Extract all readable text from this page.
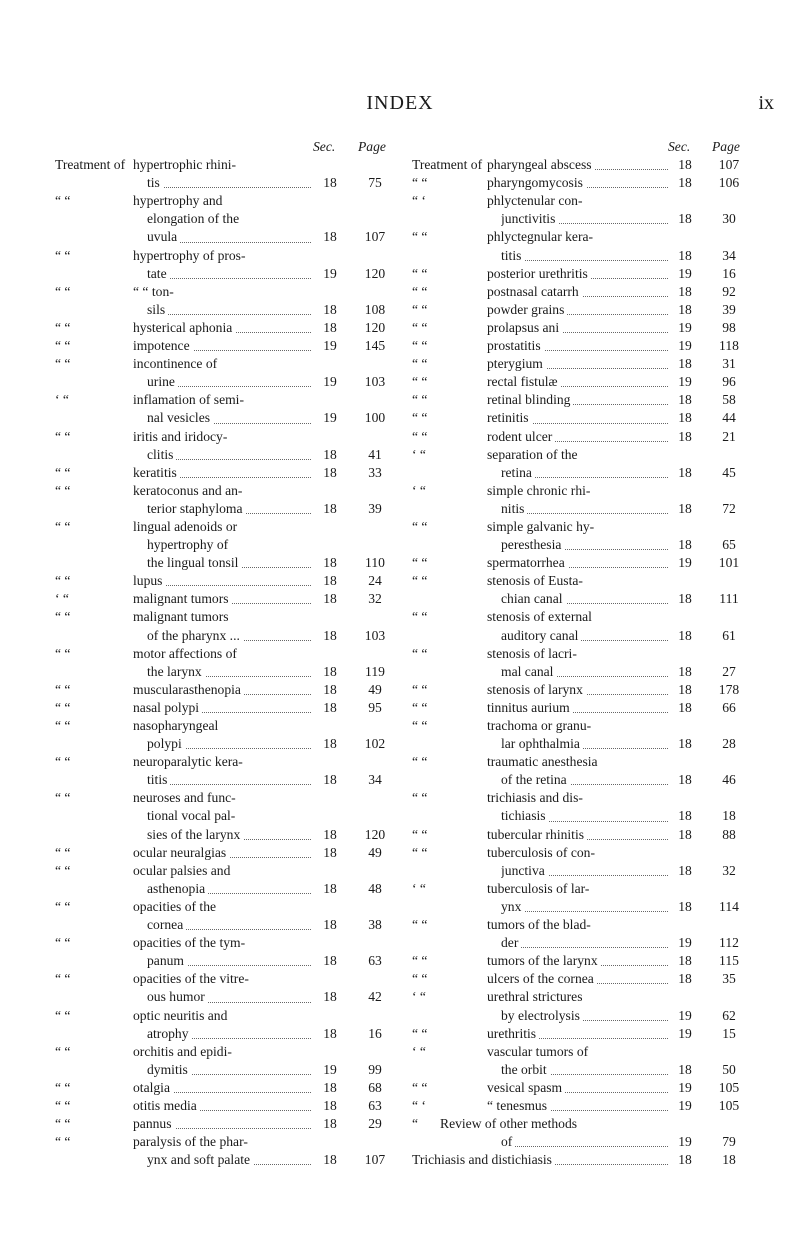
INDEX	ix
Sec. Page
Treatment of hypertrophic rhini-
tis	18	75
“ “	hypertrophy and
elongation of the
uvula	18	107
“ “	hypertrophy of pros-
tate	19	120
“ “	“ “ ton-
sils	18	108
“ “	hysterical aphonia	18	120
“ “	impotence	19	145
“ “	incontinence of
urine	19	103
‘ “	inflamation of semi-
nal vesicles	19	100
“ “	iritis and iridocy-
clitis	18	41
“ “	keratitis	18	33
“ “	keratoconus and an-
terior staphyloma	18	39
“ “	lingual adenoids or
hypertrophy of
the lingual tonsil	18	110
“ “	lupus	18	24
‘ “	malignant tumors	18	32
“ “	malignant tumors
of the pharynx ...	18	103
“ “	motor affections of
the larynx	18	119
“ “	muscularasthenopia	18	49
“ “	nasal polypi	18	95
“ “	nasopharyngeal
polypi	18	102
“ “	neuroparalytic kera-
titis	18	34
“ “	neuroses and func-
tional vocal pal-
sies of the larynx	18	120
“ “	ocular neuralgias	18	49
“ “	ocular palsies and
asthenopia	18	48
“ “	opacities of the
cornea	18	38
“ “	opacities of the tym-
panum	18	63
“ “	opacities of the vitre-
ous humor	18	42
“ “	optic neuritis and
atrophy	18	16
“ “	orchitis and epidi-
dymitis	19	99
“ “	otalgia	18	68
“ “	otitis media	18	63
“ “	pannus	18	29
“ “	paralysis of the phar-
ynx and soft palate	18	107
Sec. Page
Treatment of pharyngeal abscess	18	107
“ “	pharyngomycosis	18	106
“ ‘	phlyctenular con-
junctivitis	18	30
“ “	phlyctegnular kera-
titis	18	34
“ “	posterior urethritis	19	16
“ “	postnasal catarrh	18	92
“ “	powder grains	18	39
“ “	prolapsus ani	19	98
“ “	prostatitis	19	118
“ “	pterygium	18	31
“ “	rectal fistulæ	19	96
“ “	retinal blinding	18	58
“ “	retinitis	18	44
“ “	rodent ulcer	18	21
‘ “	separation of the
retina	18	45
‘ “	simple chronic rhi-
nitis	18	72
“ “	simple galvanic hy-
peresthesia	18	65
“ “	spermatorrhea	19	101
“ “	stenosis of Eusta-
chian canal	18	111
“ “	stenosis of external
auditory canal	18	61
“ “	stenosis of lacri-
mal canal	18	27
“ “	stenosis of larynx	18	178
“ “	tinnitus aurium	18	66
“ “	trachoma or granu-
lar ophthalmia	18	28
“ “	traumatic anesthesia
of the retina	18	46
“ “	trichiasis and dis-
tichiasis	18	18
“ “	tubercular rhinitis	18	88
“ “	tuberculosis of con-
junctiva	18	32
‘ “	tuberculosis of lar-
ynx	18	114
“ “	tumors of the blad-
der	19	112
“ “	tumors of the larynx	18	115
“ “	ulcers of the cornea	18	35
‘ “	urethral strictures
by electrolysis	19	62
“ “	urethritis	19	15
‘ “	vascular tumors of
the orbit	18	50
“ “	vesical spasm	19	105
“ ‘	“ tenesmus	19	105
“ Review of other methods
of	19	79
Trichiasis and distichiasis	18	18
